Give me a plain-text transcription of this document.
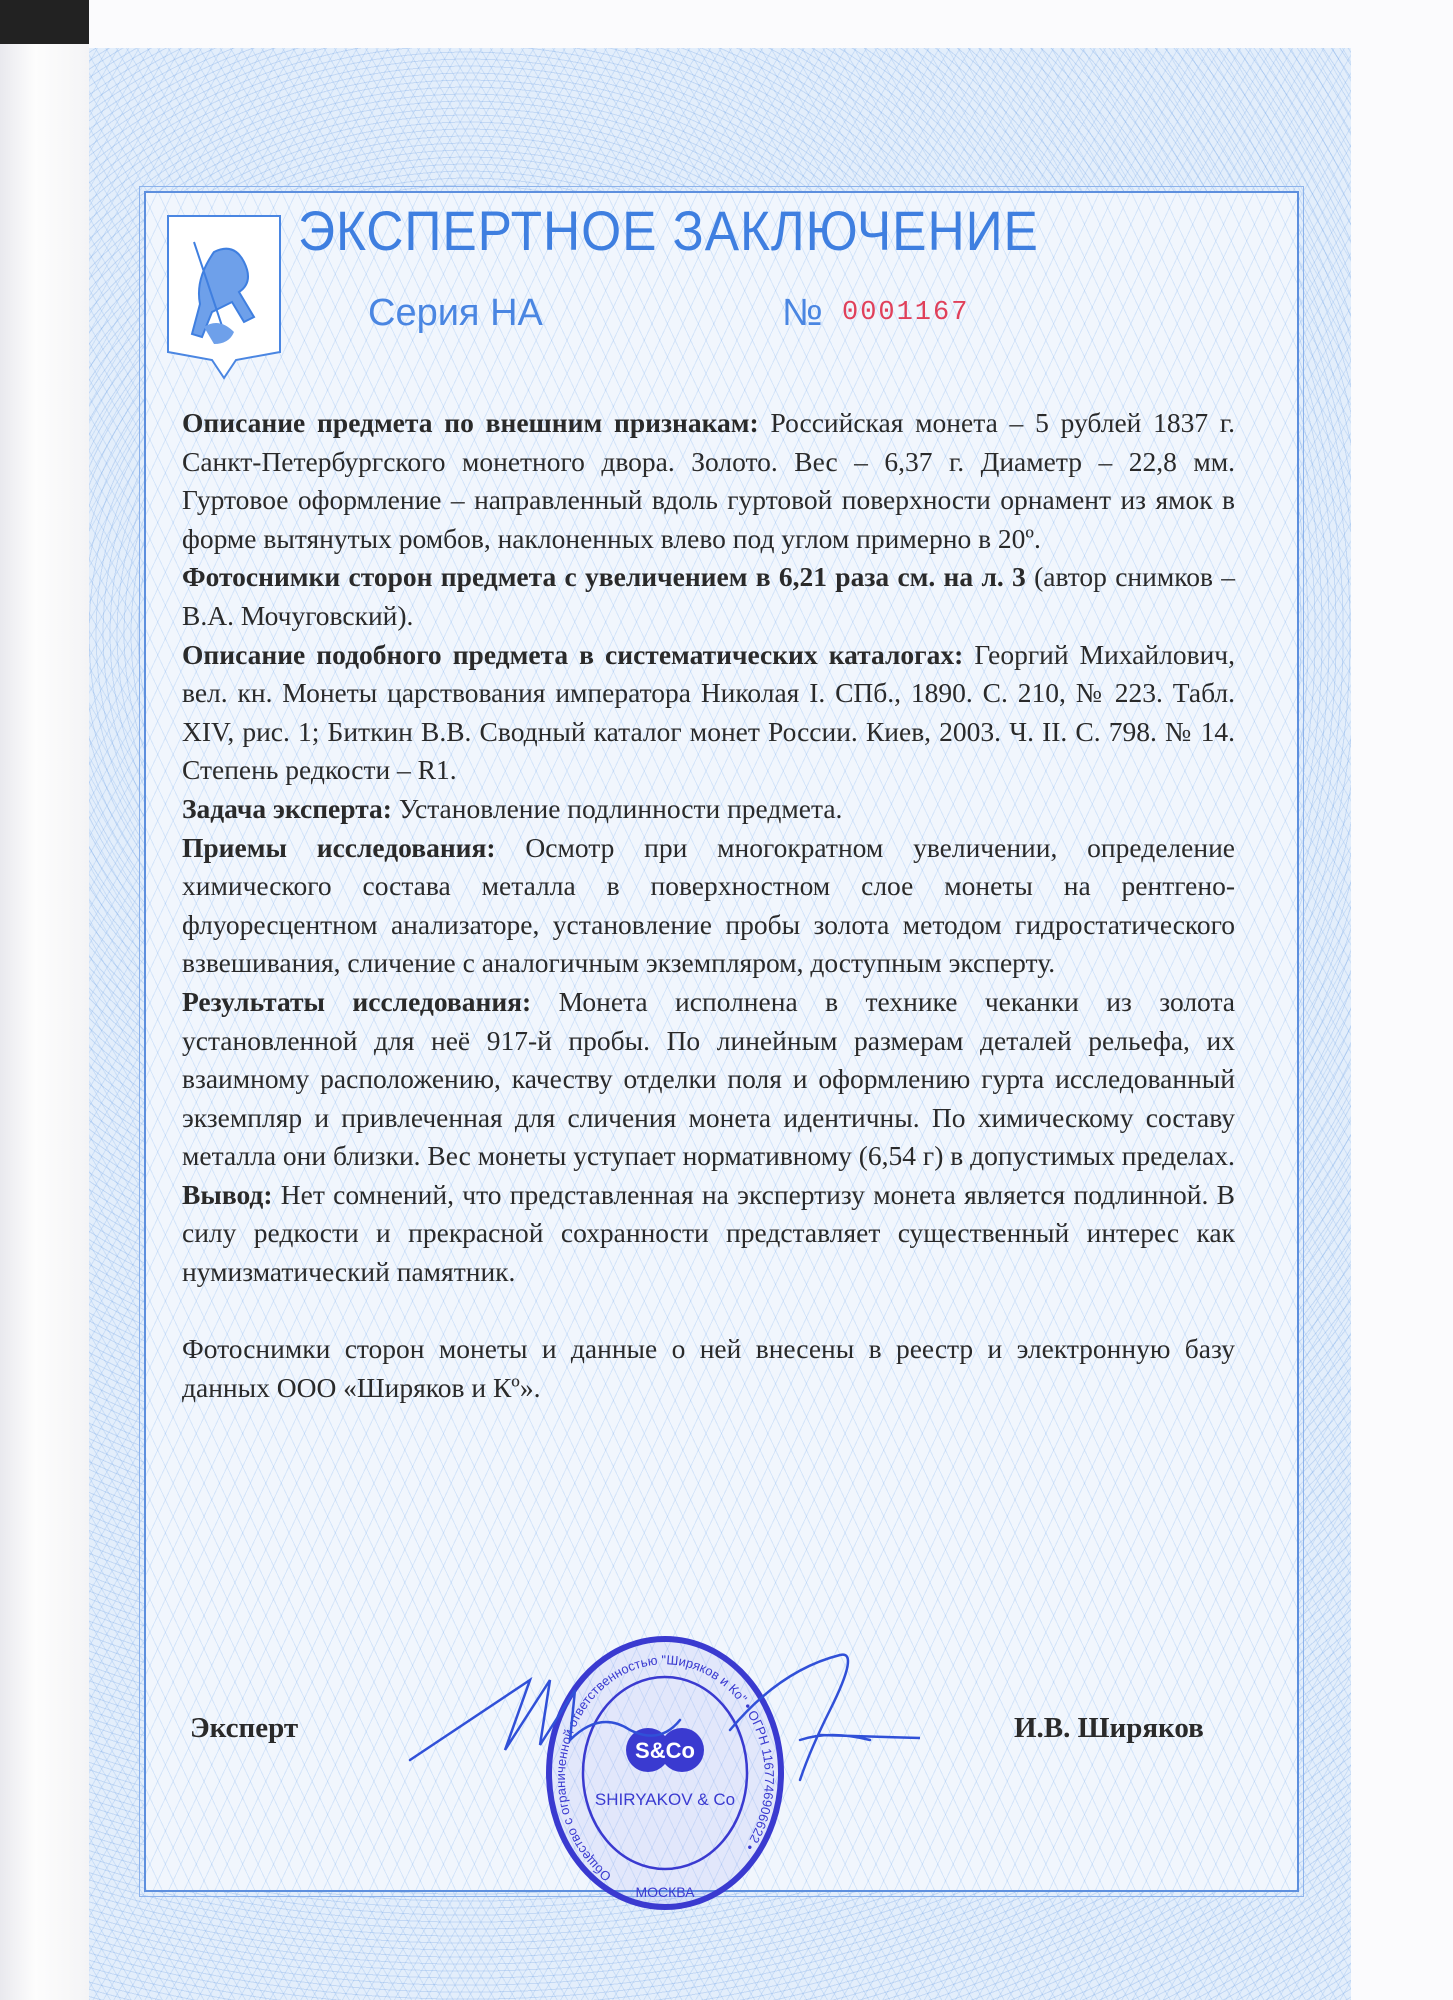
ЭКСПЕРТНОЕ ЗАКЛЮЧЕНИЕ
Серия НА	№ 0001167

Описание предмета по внешним признакам: Российская монета – 5 рублей 1837 г. Санкт-Петербургского монетного двора. Золото. Вес – 6,37 г. Диаметр – 22,8 мм. Гуртовое оформление – направленный вдоль гуртовой поверхности орнамент из ямок в форме вытянутых ромбов, наклоненных влево под углом примерно в 20º.

Фотоснимки сторон предмета с увеличением в 6,21 раза см. на л. 3 (автор снимков – В.А. Мочуговский).

Описание подобного предмета в систематических каталогах: Георгий Михайлович, вел. кн. Монеты царствования императора Николая I. СПб., 1890. С. 210, № 223. Табл. XIV, рис. 1; Биткин В.В. Сводный каталог монет России. Киев, 2003. Ч. II. С. 798. № 14. Степень редкости – R1.

Задача эксперта: Установление подлинности предмета.

Приемы исследования: Осмотр при многократном увеличении, определение химического состава металла в поверхностном слое монеты на рентгено-флуоресцентном анализаторе, установление пробы золота методом гидростатического взвешивания, сличение с аналогичным экземпляром, доступным эксперту.

Результаты исследования: Монета исполнена в технике чеканки из золота установленной для неё 917-й пробы. По линейным размерам деталей рельефа, их взаимному расположению, качеству отделки поля и оформлению гурта исследованный экземпляр и привлеченная для сличения монета идентичны. По химическому составу металла они близки. Вес монеты уступает нормативному (6,54 г) в допустимых пределах.

Вывод: Нет сомнений, что представленная на экспертизу монета является подлинной. В силу редкости и прекрасной сохранности представляет существенный интерес как нумизматический памятник.

Фотоснимки сторон монеты и данные о ней внесены в реестр и электронную базу данных ООО «Ширяков и Кº».

Эксперт	И.В. Ширяков
Общество с ограниченной ответственностью "Ширяков и Ко" • ОГРН 1167746906622 •
МОСКВА
S&Co
SHIRYAKOV & Co
